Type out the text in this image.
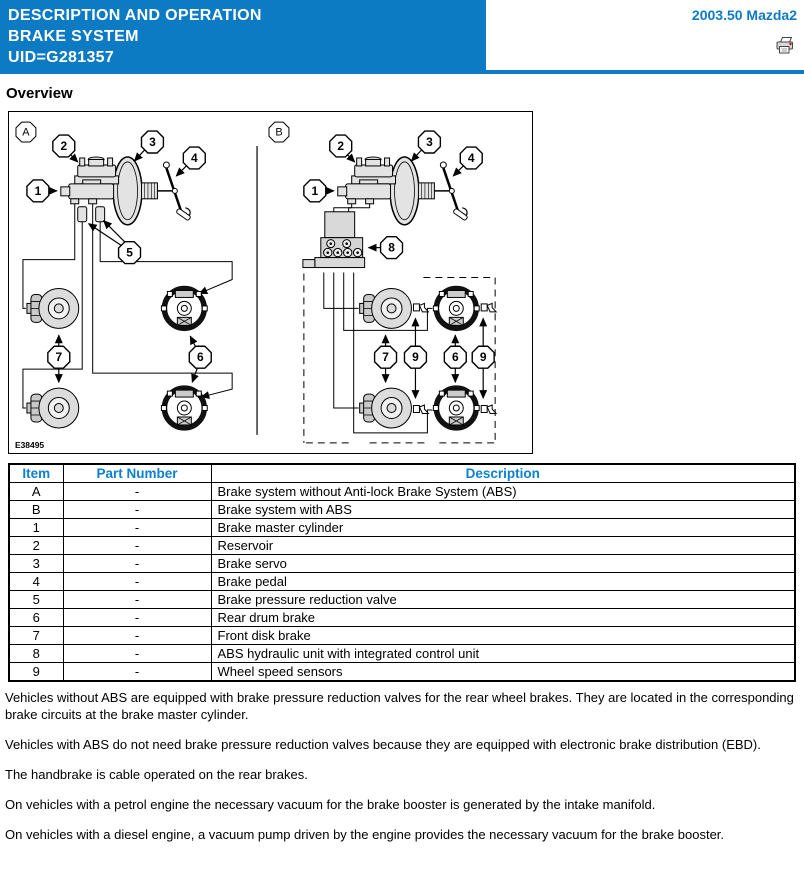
DESCRIPTION AND OPERATION
BRAKE SYSTEM
UID=G281357
2003.50 Mazda2
Overview
A
1
2	3
4
5
7	6
B
1
2	3
4
8
7 9	6 9
E38495
Item	Part Number	Description
A	-	Brake system without Anti-lock Brake System (ABS)
B	-	Brake system with ABS
1	-	Brake master cylinder
2	-	Reservoir
3	-	Brake servo
4	-	Brake pedal
5	-	Brake pressure reduction valve
6	-	Rear drum brake
7	-	Front disk brake
8	-	ABS hydraulic unit with integrated control unit
9	-	Wheel speed sensors

Vehicles without ABS are equipped with brake pressure reduction valves for the rear wheel brakes. They are located in the corresponding brake circuits at the brake master cylinder.

Vehicles with ABS do not need brake pressure reduction valves because they are equipped with electronic brake distribution (EBD).

The handbrake is cable operated on the rear brakes.

On vehicles with a petrol engine the necessary vacuum for the brake booster is generated by the intake manifold.

On vehicles with a diesel engine, a vacuum pump driven by the engine provides the necessary vacuum for the brake booster.
